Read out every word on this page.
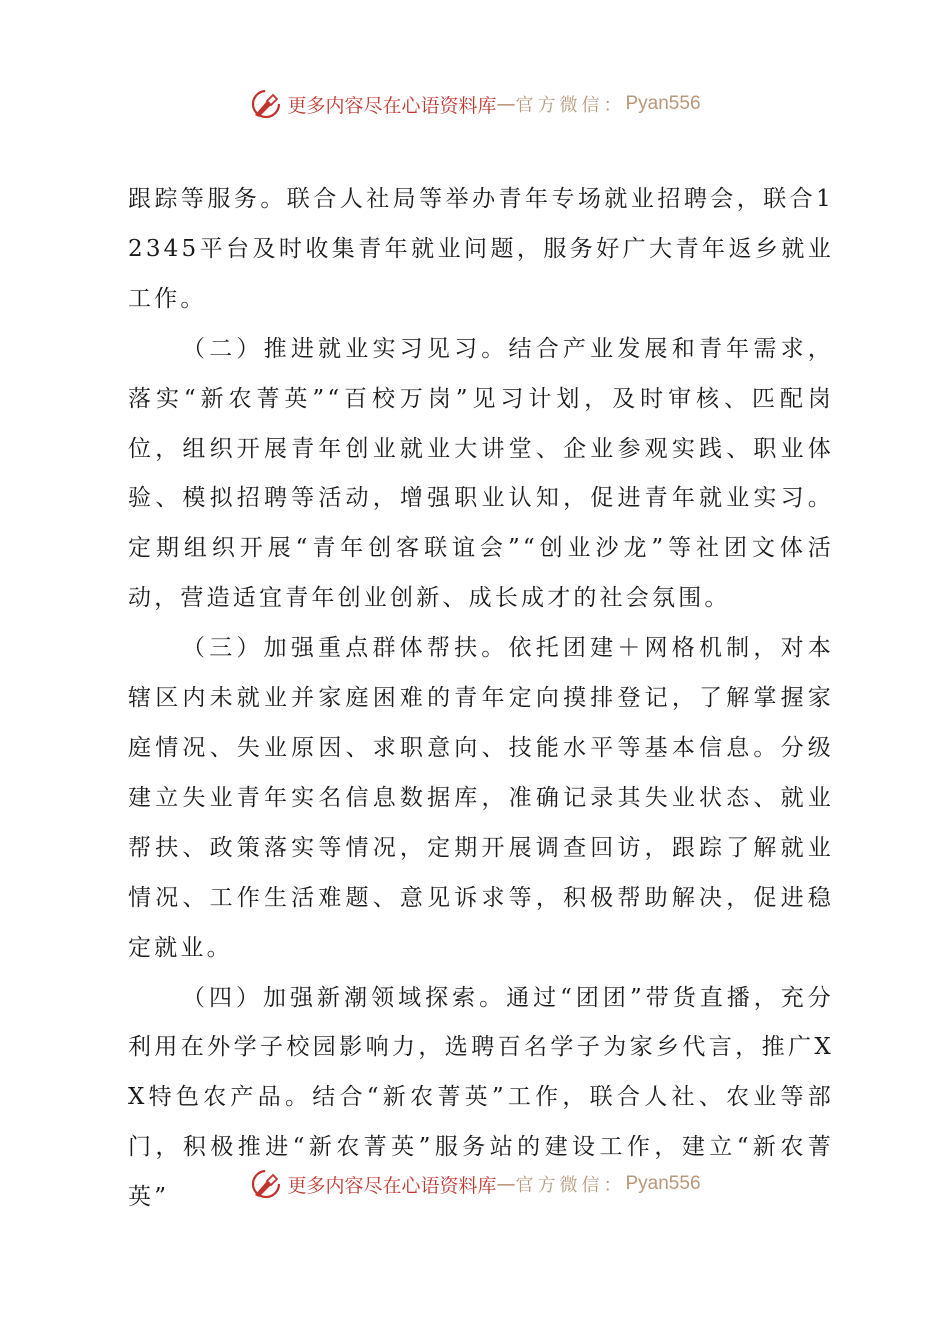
更多内容尽在心语资料库 — 官方微信： Pyan556

跟踪等服务。联合人社局等举办青年专场就业招聘会，联合12345平台及时收集青年就业问题，服务好广大青年返乡就业工作。

（二）推进就业实习见习。结合产业发展和青年需求，落实“新农菁英”“百校万岗”见习计划，及时审核、匹配岗位，组织开展青年创业就业大讲堂、企业参观实践、职业体验、模拟招聘等活动，增强职业认知，促进青年就业实习。定期组织开展“青年创客联谊会”“创业沙龙”等社团文体活动，营造适宜青年创业创新、成长成才的社会氛围。

（三）加强重点群体帮扶。依托团建＋网格机制，对本辖区内未就业并家庭困难的青年定向摸排登记，了解掌握家庭情况、失业原因、求职意向、技能水平等基本信息。分级建立失业青年实名信息数据库，准确记录其失业状态、就业帮扶、政策落实等情况，定期开展调查回访，跟踪了解就业情况、工作生活难题、意见诉求等，积极帮助解决，促进稳定就业。

（四）加强新潮领域探索。通过“团团”带货直播，充分利用在外学子校园影响力，选聘百名学子为家乡代言，推广XX特色农产品。结合“新农菁英”工作，联合人社、农业等部门，积极推进“新农菁英”服务站的建设工作，建立“新农菁英”	更多内容尽在心语资料库 — 官方微信： Pyan556
